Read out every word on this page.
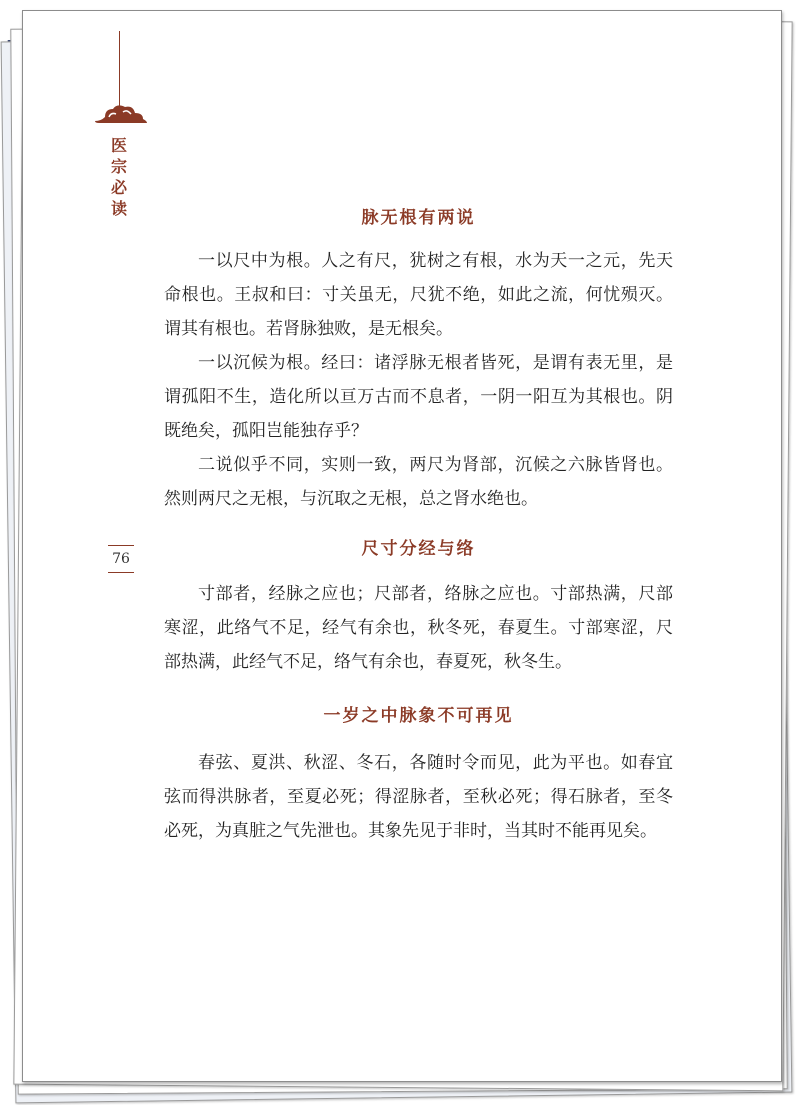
医
宗
必
读
76
脉无根有两说

一以尺中为根。人之有尺，犹树之有根，水为天一之元，先天命根也。王叔和曰：寸关虽无，尺犹不绝，如此之流，何忧殒灭。谓其有根也。若肾脉独败，是无根矣。

一以沉候为根。经曰：诸浮脉无根者皆死，是谓有表无里，是谓孤阳不生，造化所以亘万古而不息者，一阴一阳互为其根也。阴既绝矣，孤阳岂能独存乎？

二说似乎不同，实则一致，两尺为肾部，沉候之六脉皆肾也。然则两尺之无根，与沉取之无根，总之肾水绝也。

尺寸分经与络

寸部者，经脉之应也；尺部者，络脉之应也。寸部热满，尺部寒涩，此络气不足，经气有余也，秋冬死，春夏生。寸部寒涩，尺部热满，此经气不足，络气有余也，春夏死，秋冬生。

一岁之中脉象不可再见

春弦、夏洪、秋涩、冬石，各随时令而见，此为平也。如春宜弦而得洪脉者，至夏必死；得涩脉者，至秋必死；得石脉者，至冬必死，为真脏之气先泄也。其象先见于非时，当其时不能再见矣。
